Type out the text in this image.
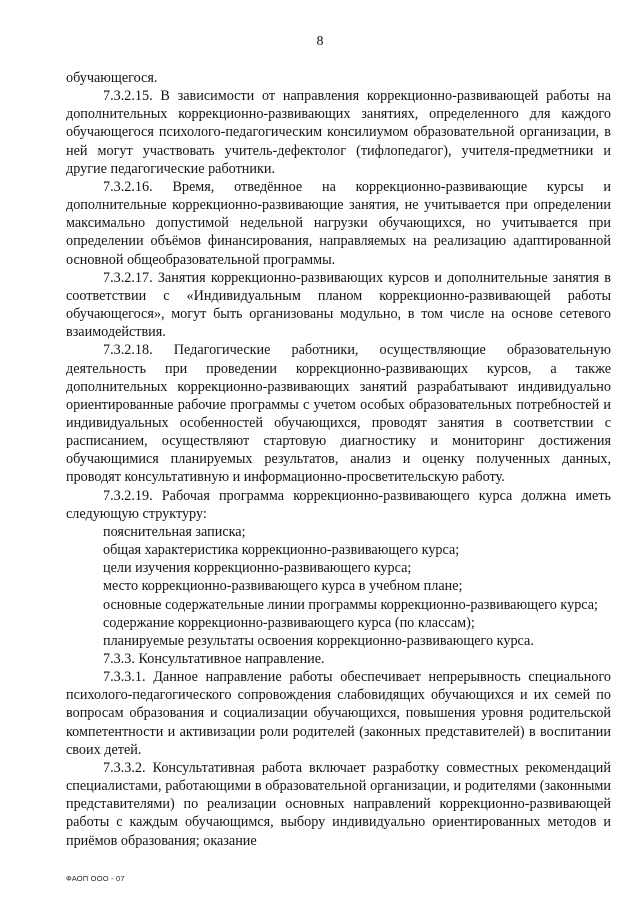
8

обучающегося.

7.3.2.15. В зависимости от направления коррекционно-развивающей работы на дополнительных коррекционно-развивающих занятиях, определенного для каждого обучающегося психолого-педагогическим консилиумом образовательной организации, в ней могут участвовать учитель-дефектолог (тифлопедагог), учителя-предметники и другие педагогические работники.

7.3.2.16. Время, отведённое на коррекционно-развивающие курсы и дополнительные коррекционно-развивающие занятия, не учитывается при определении максимально допустимой недельной нагрузки обучающихся, но учитывается при определении объёмов финансирования, направляемых на реализацию адаптированной основной общеобразовательной программы.

7.3.2.17. Занятия коррекционно-развивающих курсов и дополнительные занятия в соответствии с «Индивидуальным планом коррекционно-развивающей работы обучающегося», могут быть организованы модульно, в том числе на основе сетевого взаимодействия.

7.3.2.18. Педагогические работники, осуществляющие образовательную деятельность при проведении коррекционно-развивающих курсов, а также дополнительных коррекционно-развивающих занятий разрабатывают индивидуально ориентированные рабочие программы с учетом особых образовательных потребностей и индивидуальных особенностей обучающихся, проводят занятия в соответствии с расписанием, осуществляют стартовую диагностику и мониторинг достижения обучающимися планируемых результатов, анализ и оценку полученных данных, проводят консультативную и информационно-просветительскую работу.

7.3.2.19. Рабочая программа коррекционно-развивающего курса должна иметь следующую структуру:

пояснительная записка;

общая характеристика коррекционно-развивающего курса;

цели изучения коррекционно-развивающего курса;

место коррекционно-развивающего курса в учебном плане;

основные содержательные линии программы коррекционно-развивающего курса;

содержание коррекционно-развивающего курса (по классам);

планируемые результаты освоения коррекционно-развивающего курса.

7.3.3. Консультативное направление.

7.3.3.1. Данное направление работы обеспечивает непрерывность специального психолого-педагогического сопровождения слабовидящих обучающихся и их семей по вопросам образования и социализации обучающихся, повышения уровня родительской компетентности и активизации роли родителей (законных представителей) в воспитании своих детей.

7.3.3.2. Консультативная работа включает разработку совместных рекомендаций специалистами, работающими в образовательной организации, и родителями (законными представителями) по реализации основных направлений коррекционно-развивающей работы с каждым обучающимся, выбору индивидуально ориентированных методов и приёмов образования; оказание

ФАОП ООО - 07
